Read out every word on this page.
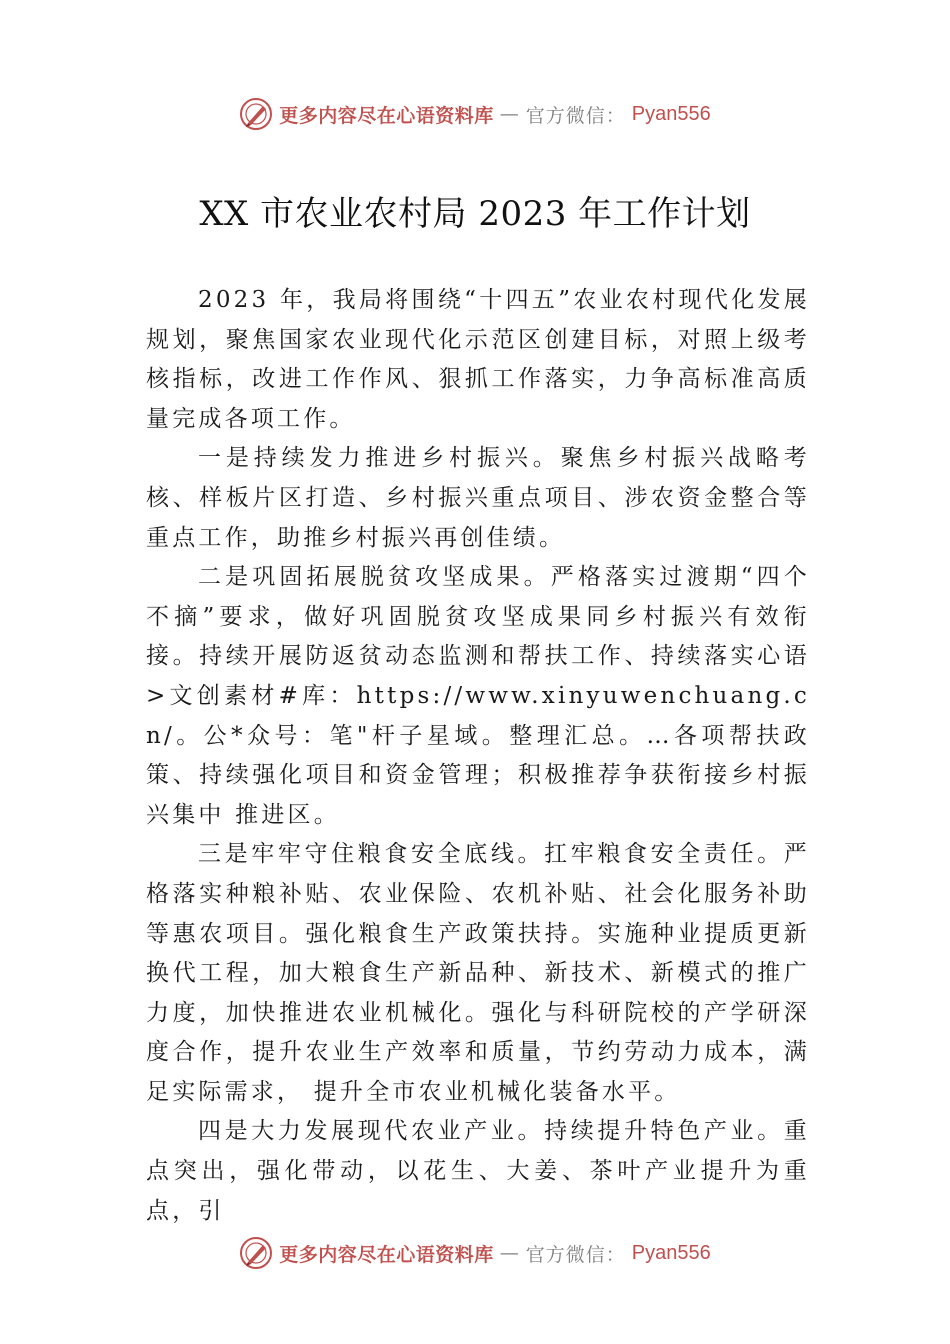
更多内容尽在心语资料库 — 官方微信： Pyan556
XX 市农业农村局 2023 年工作计划

2023 年，我局将围绕“十四五”农业农村现代化发展规划，聚焦国家农业现代化示范区创建目标，对照上级考核指标，改进工作作风、狠抓工作落实，力争高标准高质量完成各项工作。

一是持续发力推进乡村振兴。聚焦乡村振兴战略考核、样板片区打造、乡村振兴重点项目、涉农资金整合等重点工作，助推乡村振兴再创佳绩。

二是巩固拓展脱贫攻坚成果。严格落实过渡期“四个不摘”要求，做好巩固脱贫攻坚成果同乡村振兴有效衔接。持续开展防返贫动态监测和帮扶工作、持续落实心语>文创素材#库：https://www.xinyuwenchuang.cn/。公*众号：笔"杆子星域。整理汇总。…各项帮扶政策、持续强化项目和资金管理；积极推荐争获衔接乡村振兴集中 推进区。

三是牢牢守住粮食安全底线。扛牢粮食安全责任。严格落实种粮补贴、农业保险、农机补贴、社会化服务补助等惠农项目。强化粮食生产政策扶持。实施种业提质更新换代工程，加大粮食生产新品种、新技术、新模式的推广力度，加快推进农业机械化。强化与科研院校的产学研深度合作，提升农业生产效率和质量，节约劳动力成本，满足实际需求， 提升全市农业机械化装备水平。

四是大力发展现代农业产业。持续提升特色产业。重点突出，强化带动，以花生、大姜、茶叶产业提升为重点，引

更多内容尽在心语资料库 — 官方微信： Pyan556
